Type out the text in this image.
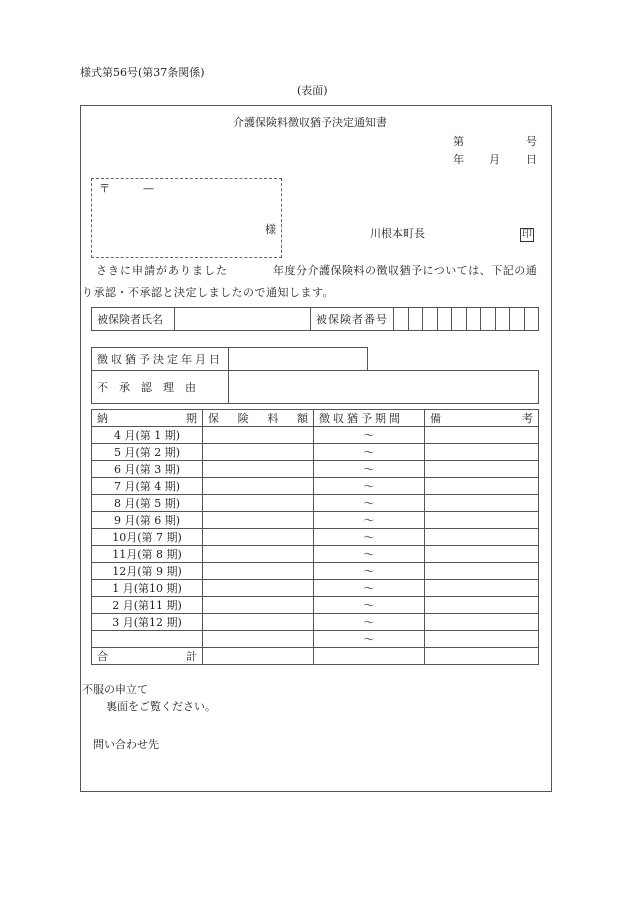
様式第56号(第37条関係)
(表面)
介護保険料徴収猶予決定通知書
第	号
年 月 日
〒	—
様	川根本町長	印
さきに申請がありました	年度分介護保険料の徴収猶予については、下記の通
り承認・不承認と決定しましたので通知します。
被保険者氏名		被保険者番号										
徴収猶予決定年月日		
不　承　認　理　由		
納 期	保 険 料 額	徴収猶予期間	備 考

4 月(第 1 期)		～	
5 月(第 2 期)		～	
6 月(第 3 期)		～	
7 月(第 4 期)		～	
8 月(第 5 期)		～	
9 月(第 6 期)		～	
10月(第 7 期)		～	
11月(第 8 期)		～	
12月(第 9 期)		～	
1 月(第10 期)		～	
2 月(第11 期)		～	
3 月(第12 期)		～	
		～	

合 計			

不服の申立て
裏面をご覧ください。
問い合わせ先
